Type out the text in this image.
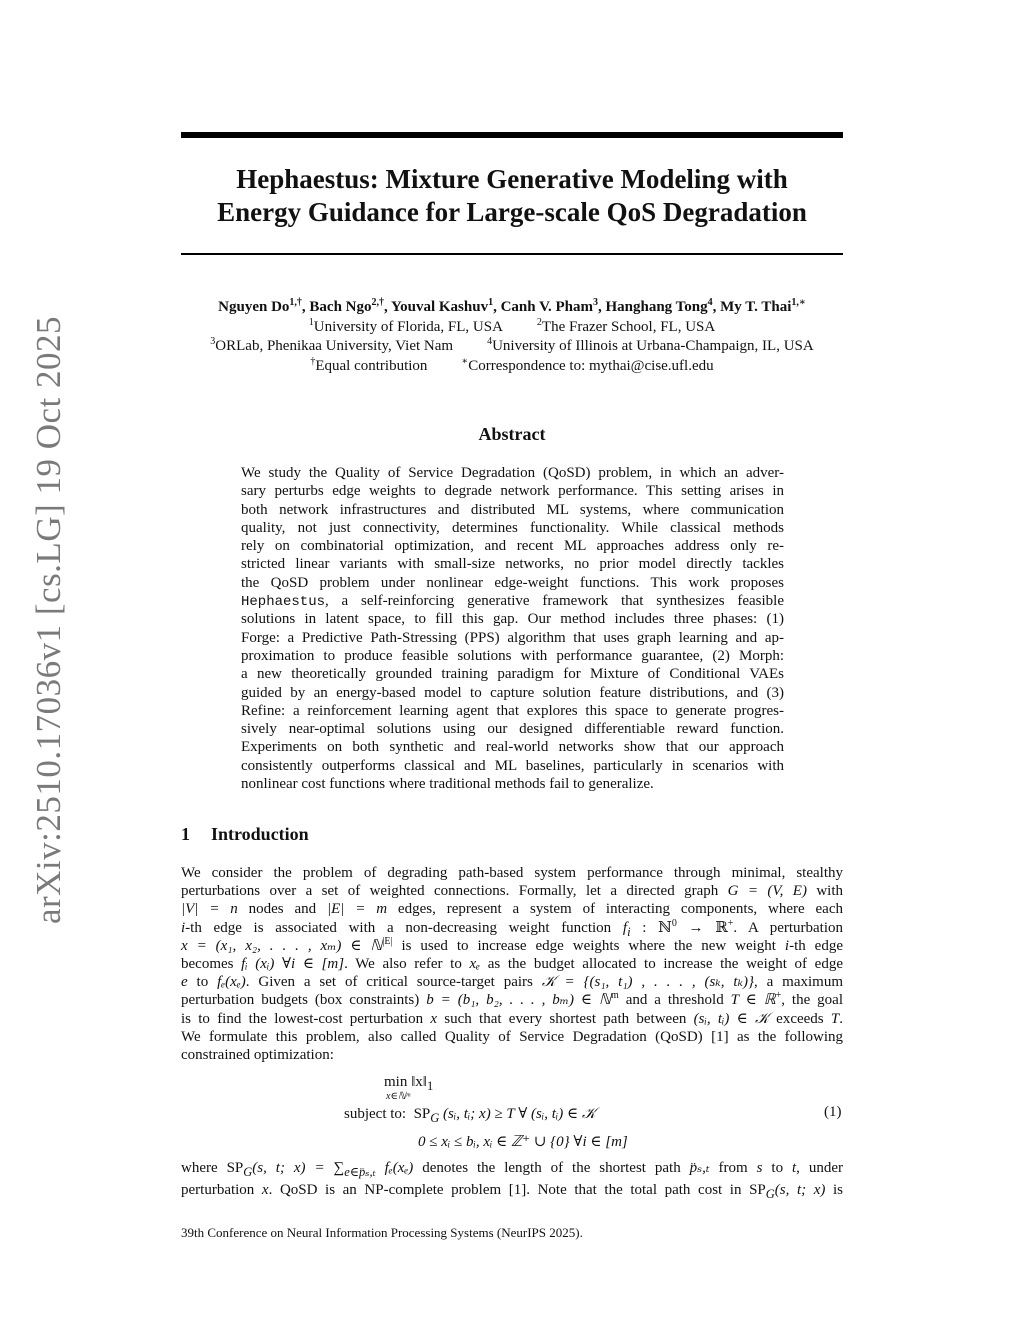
arXiv:2510.17036v1 [cs.LG] 19 Oct 2025
Hephaestus: Mixture Generative Modeling with
Energy Guidance for Large-scale QoS Degradation
Nguyen $Do^{1,\dagger}$, Bach Ngo$^{2,\dagger}$, Youval Kashuv$^1$, Canh V. Pham$^3$, Hanghang Tong$^4$, My T. Thai$^{1,∗}$
$^1$University of Florida, FL, USA	$^2$The Frazer School, FL, USA
$^3$ORLab, Phenikaa University, Viet Nam	$^4$University of Illinois at Urbana-Champaign, IL, USA
†Equal contribution	∗Correspondence to: mythai@cise.ufl.edu
Abstract
We study the Quality of Service Degradation (QoSD) problem, in which an adver-
sary perturbs edge weights to degrade network performance. This setting arises in
both network infrastructures and distributed ML systems, where communication
quality, not just connectivity, determines functionality. While classical methods
rely on combinatorial optimization, and recent ML approaches address only re-
stricted linear variants with small-size networks, no prior model directly tackles
the QoSD problem under nonlinear edge-weight functions. This work proposes
Hephaestus, a self-reinforcing generative framework that synthesizes feasible
solutions in latent space, to fill this gap. Our method includes three phases: (1)
Forge: a Predictive Path-Stressing (PPS) algorithm that uses graph learning and ap-
proximation to produce feasible solutions with performance guarantee, (2) Morph:
a new theoretically grounded training paradigm for Mixture of Conditional VAEs
guided by an energy-based model to capture solution feature distributions, and (3)
Refine: a reinforcement learning agent that explores this space to generate progres-
sively near-optimal solutions using our designed differentiable reward function.
Experiments on both synthetic and real-world networks show that our approach
consistently outperforms classical and ML baselines, particularly in scenarios with
nonlinear cost functions where traditional methods fail to generalize.
1 Introduction
We consider the problem of degrading path-based system performance through minimal, stealthy
perturbations over a set of weighted connections. Formally, let a directed graph G = (V, E) with
|V| = n nodes and |E| = m edges, represent a system of interacting components, where each
i-th edge is associated with a non-decreasing weight function $f_i$ : ℕ$^0$ → ℝ+. A perturbation
x = (x₁, x₂, . . . , xₘ) ∈ ℕ$^{|E|}$ is used to increase edge weights where the new weight i-th edge
becomes fᵢ (xᵢ) ∀i ∈ [m]. We also refer to xₑ as the budget allocated to increase the weight of edge
e to fₑ(xₑ). Given a set of critical source-target pairs 𝒦 = {(s₁, t₁) , . . . , (sₖ, tₖ)}, a maximum
perturbation budgets (box constraints) b = (b₁, b₂, . . . , bₘ) ∈ ℕ$^m$ and a threshold T ∈ ℝ+, the goal
is to find the lowest-cost perturbation x such that every shortest path between (sᵢ, tᵢ) ∈ 𝒦 exceeds T.
We formulate this problem, also called Quality of Service Degradation (QoSD) [1] as the following
constrained optimization:
$\min ‖x‖_1$
x∈ℕᵐ
subject to: $SP_G$ (sᵢ, tᵢ; x) ≥ T ∀ (sᵢ, tᵢ) ∈ 𝒦
0 ≤ xᵢ ≤ bᵢ, xᵢ ∈ ℤ⁺ ∪ {0} ∀i ∈ [m]
(1)
where $SP_G(s$, t; $x) = \sum_{e\in p̈_s,_t}$ fₑ(xₑ) denotes the length of the shortest path p̈ₛ,ₜ from s to t, under
perturbation x. QoSD is an NP-complete problem [1]. Note that the total path cost in $SP_G(s$, t; x) is
39th Conference on Neural Information Processing Systems (NeurIPS 2025).
